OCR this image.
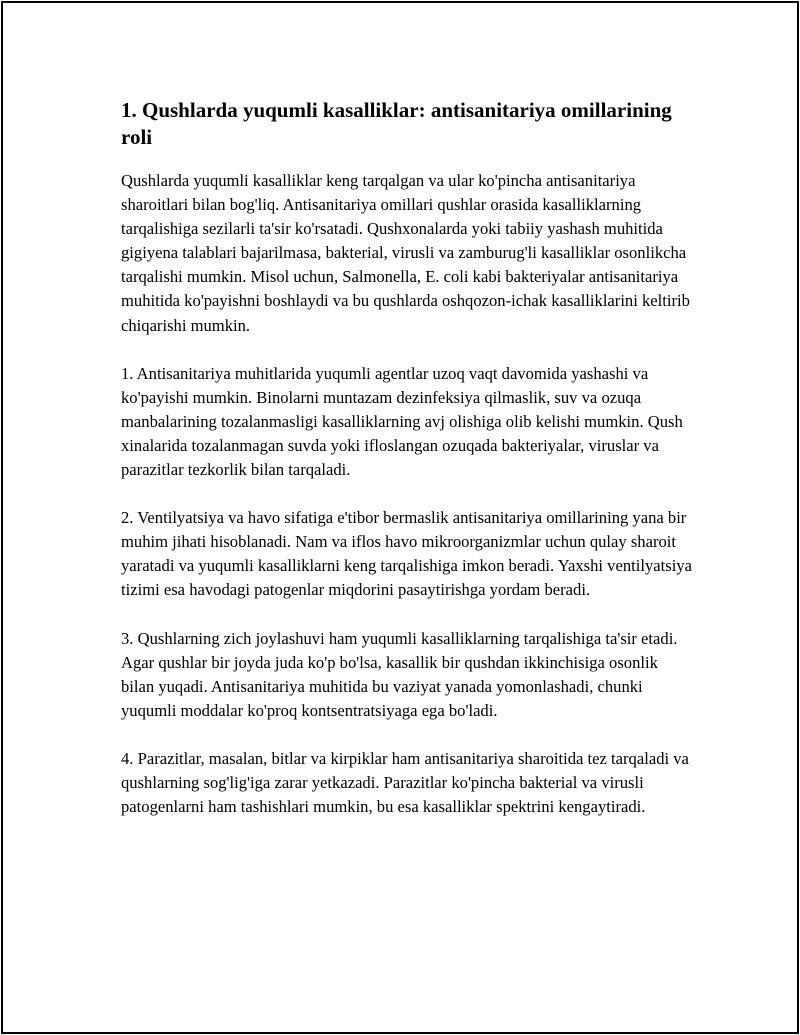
1. Qushlarda yuqumli kasalliklar: antisanitariya omillarining roli

Qushlarda yuqumli kasalliklar keng tarqalgan va ular ko'pincha antisanitariya sharoitlari bilan bog'liq. Antisanitariya omillari qushlar orasida kasalliklarning tarqalishiga sezilarli ta'sir ko'rsatadi. Qushxonalarda yoki tabiiy yashash muhitida gigiyena talablari bajarilmasa, bakterial, virusli va zamburug'li kasalliklar osonlikcha tarqalishi mumkin. Misol uchun, Salmonella, E. coli kabi bakteriyalar antisanitariya muhitida ko'payishni boshlaydi va bu qushlarda oshqozon-ichak kasalliklarini keltirib chiqarishi mumkin.

1. Antisanitariya muhitlarida yuqumli agentlar uzoq vaqt davomida yashashi va ko'payishi mumkin. Binolarni muntazam dezinfeksiya qilmaslik, suv va ozuqa manbalarining tozalanmasligi kasalliklarning avj olishiga olib kelishi mumkin. Qush xinalarida tozalanmagan suvda yoki ifloslangan ozuqada bakteriyalar, viruslar va parazitlar tezkorlik bilan tarqaladi.

2. Ventilyatsiya va havo sifatiga e'tibor bermaslik antisanitariya omillarining yana bir muhim jihati hisoblanadi. Nam va iflos havo mikroorganizmlar uchun qulay sharoit yaratadi va yuqumli kasalliklarni keng tarqalishiga imkon beradi. Yaxshi ventilyatsiya tizimi esa havodagi patogenlar miqdorini pasaytirishga yordam beradi.

3. Qushlarning zich joylashuvi ham yuqumli kasalliklarning tarqalishiga ta'sir etadi. Agar qushlar bir joyda juda ko'p bo'lsa, kasallik bir qushdan ikkinchisiga osonlik bilan yuqadi. Antisanitariya muhitida bu vaziyat yanada yomonlashadi, chunki yuqumli moddalar ko'proq kontsentratsiyaga ega bo'ladi.

4. Parazitlar, masalan, bitlar va kirpiklar ham antisanitariya sharoitida tez tarqaladi va qushlarning sog'lig'iga zarar yetkazadi. Parazitlar ko'pincha bakterial va virusli patogenlarni ham tashishlari mumkin, bu esa kasalliklar spektrini kengaytiradi.
